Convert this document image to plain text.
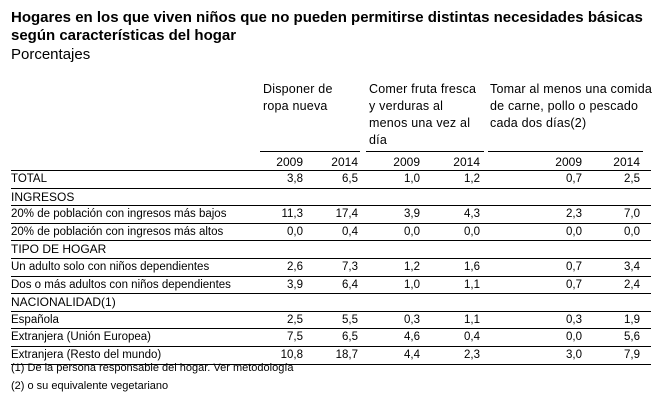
Hogares en los que viven niños que no pueden permitirse distintas necesidades básicas según características del hogar
Porcentajes
Disponer de ropa nueva
Comer fruta fresca y verduras al menos una vez al día
Tomar al menos una comida de carne, pollo o pescado cada dos días(2)
2009	2014	2009	2014	2009	2014
TOTAL	3,8	6,5	1,0	1,2	0,7	2,5
INGRESOS
20% de población con ingresos más bajos	11,3	17,4	3,9	4,3	2,3	7,0
20% de población con ingresos más altos	0,0	0,4	0,0	0,0	0,0	0,0
TIPO DE HOGAR
Un adulto solo con niños dependientes	2,6	7,3	1,2	1,6	0,7	3,4
Dos o más adultos con niños dependientes	3,9	6,4	1,0	1,1	0,7	2,4
NACIONALIDAD(1)
Española	2,5	5,5	0,3	1,1	0,3	1,9
Extranjera (Unión Europea)	7,5	6,5	4,6	0,4	0,0	5,6
Extranjera (Resto del mundo)	10,8	18,7	4,4	2,3	3,0	7,9
(1) De la persona responsable del hogar. Ver metodología
(2) o su equivalente vegetariano
